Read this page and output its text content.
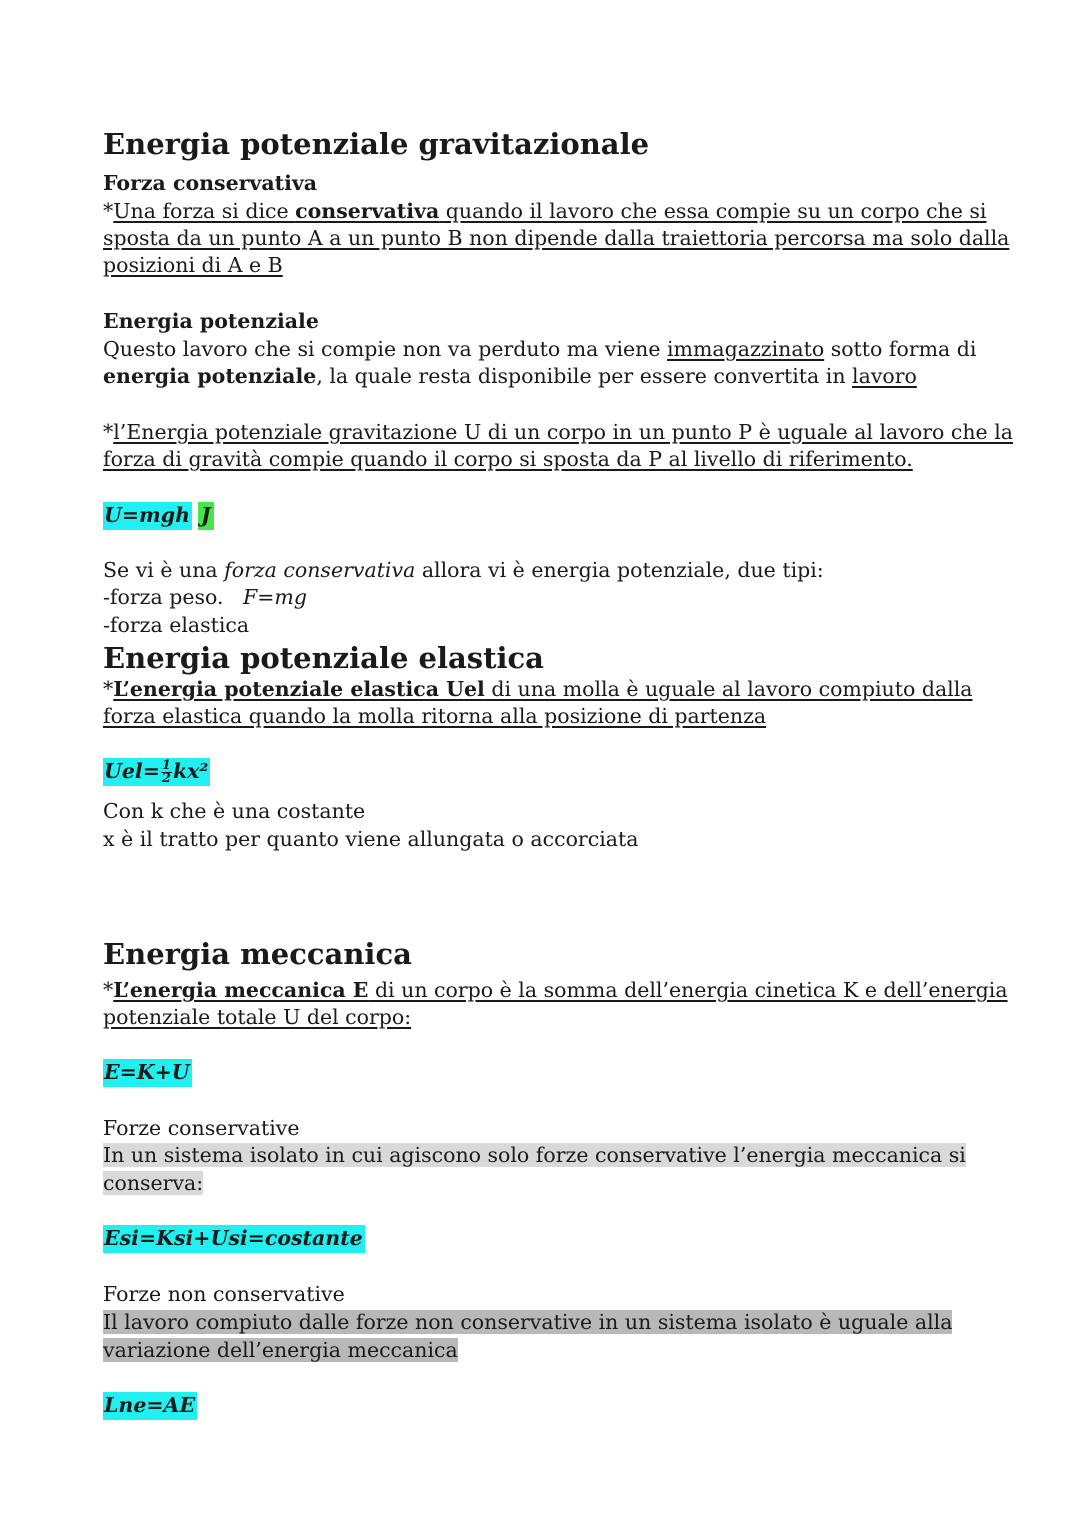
Energia potenziale gravitazionale
Forza conservativa
*Una forza si dice conservativa quando il lavoro che essa compie su un corpo che si
sposta da un punto A a un punto B non dipende dalla traiettoria percorsa ma solo dalla
posizioni di A e B
Energia potenziale
Questo lavoro che si compie non va perduto ma viene immagazzinato sotto forma di
energia potenziale, la quale resta disponibile per essere convertita in lavoro
*l’Energia potenziale gravitazione U di un corpo in un punto P è uguale al lavoro che la
forza di gravità compie quando il corpo si sposta da P al livello di riferimento.
U=mgh J
Se vi è una forza conservativa allora vi è energia potenziale, due tipi:
-forza peso.   F=mg
-forza elastica
Energia potenziale elastica
*L’energia potenziale elastica Uel di una molla è uguale al lavoro compiuto dalla
forza elastica quando la molla ritorna alla posizione di partenza
$Uel= \frac{1}{2} kx^2$
Con k che è una costante
x è il tratto per quanto viene allungata o accorciata
Energia meccanica
*L’energia meccanica E di un corpo è la somma dell’energia cinetica K e dell’energia
potenziale totale U del corpo:
E=K+U
Forze conservative
In un sistema isolato in cui agiscono solo forze conservative l’energia meccanica si
conserva:
Esi=Ksi+Usi=costante
Forze non conservative
Il lavoro compiuto dalle forze non conservative in un sistema isolato è uguale alla
variazione dell’energia meccanica
Lne=AE
